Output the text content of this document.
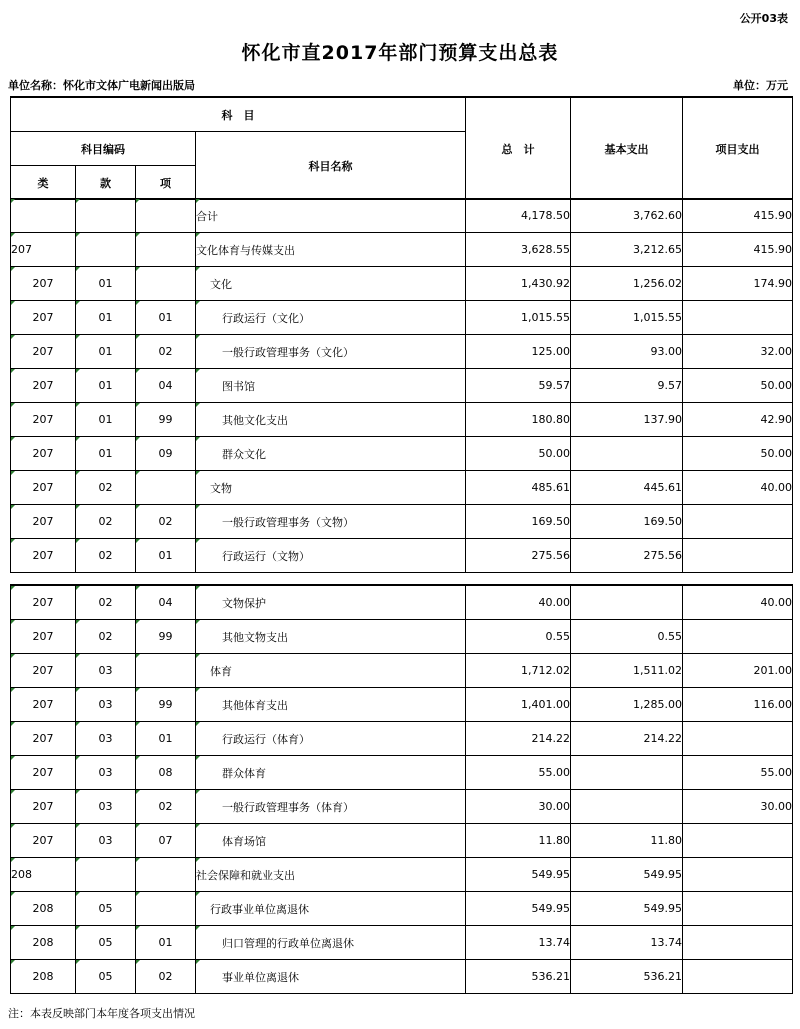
公开03表
怀化市直2017年部门预算支出总表
单位名称：怀化市文体广电新闻出版局	单位：万元
科　目				总　计	基本支出	项目支出
科目编码			科目名称			
类	款	项				
			合计	4,178.50	3,762.60	415.90
207			文化体育与传媒支出	3,628.55	3,212.65	415.90
207	01		文化	1,430.92	1,256.02	174.90
207	01	01	行政运行（文化）	1,015.55	1,015.55	
207	01	02	一般行政管理事务（文化）	125.00	93.00	32.00
207	01	04	图书馆	59.57	9.57	50.00
207	01	99	其他文化支出	180.80	137.90	42.90
207	01	09	群众文化	50.00		50.00
207	02		文物	485.61	445.61	40.00
207	02	02	一般行政管理事务（文物）	169.50	169.50	
207	02	01	行政运行（文物）	275.56	275.56	
207	02	04	文物保护	40.00		40.00
207	02	99	其他文物支出	0.55	0.55	
207	03		体育	1,712.02	1,511.02	201.00
207	03	99	其他体育支出	1,401.00	1,285.00	116.00
207	03	01	行政运行（体育）	214.22	214.22	
207	03	08	群众体育	55.00		55.00
207	03	02	一般行政管理事务（体育）	30.00		30.00
207	03	07	体育场馆	11.80	11.80	
208			社会保障和就业支出	549.95	549.95	
208	05		行政事业单位离退休	549.95	549.95	
208	05	01	归口管理的行政单位离退休	13.74	13.74	
208	05	02	事业单位离退休	536.21	536.21	
注：本表反映部门本年度各项支出情况
